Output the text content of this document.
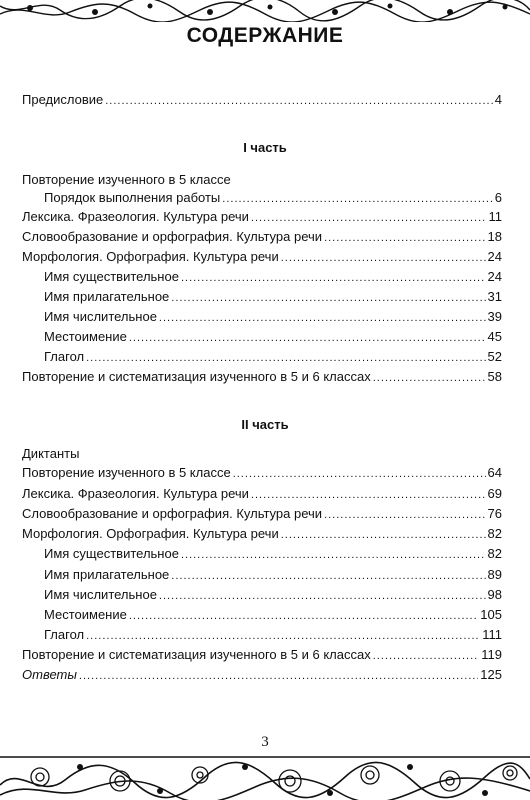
СОДЕРЖАНИЕ
Предисловие .....	4
I часть
Повторение изученного в 5 классе
Порядок выполнения работы .....	6
Лексика. Фразеология. Культура речи .....	11
Словообразование и орфография. Культура речи .....	18
Морфология. Орфография. Культура речи .....	24
Имя существительное .....	24
Имя прилагательное .....	31
Имя числительное .....	39
Местоимение .....	45
Глагол .....	52
Повторение и систематизация изученного в 5 и 6 классах .....	58
II часть
Диктанты
Повторение изученного в 5 классе .....	64
Лексика. Фразеология. Культура речи .....	69
Словообразование и орфография. Культура речи .....	76
Морфология. Орфография. Культура речи .....	82
Имя существительное .....	82
Имя прилагательное .....	89
Имя числительное .....	98
Местоимение .....	105
Глагол .....	111
Повторение и систематизация изученного в 5 и 6 классах .....	119
Ответы .....	125
3
